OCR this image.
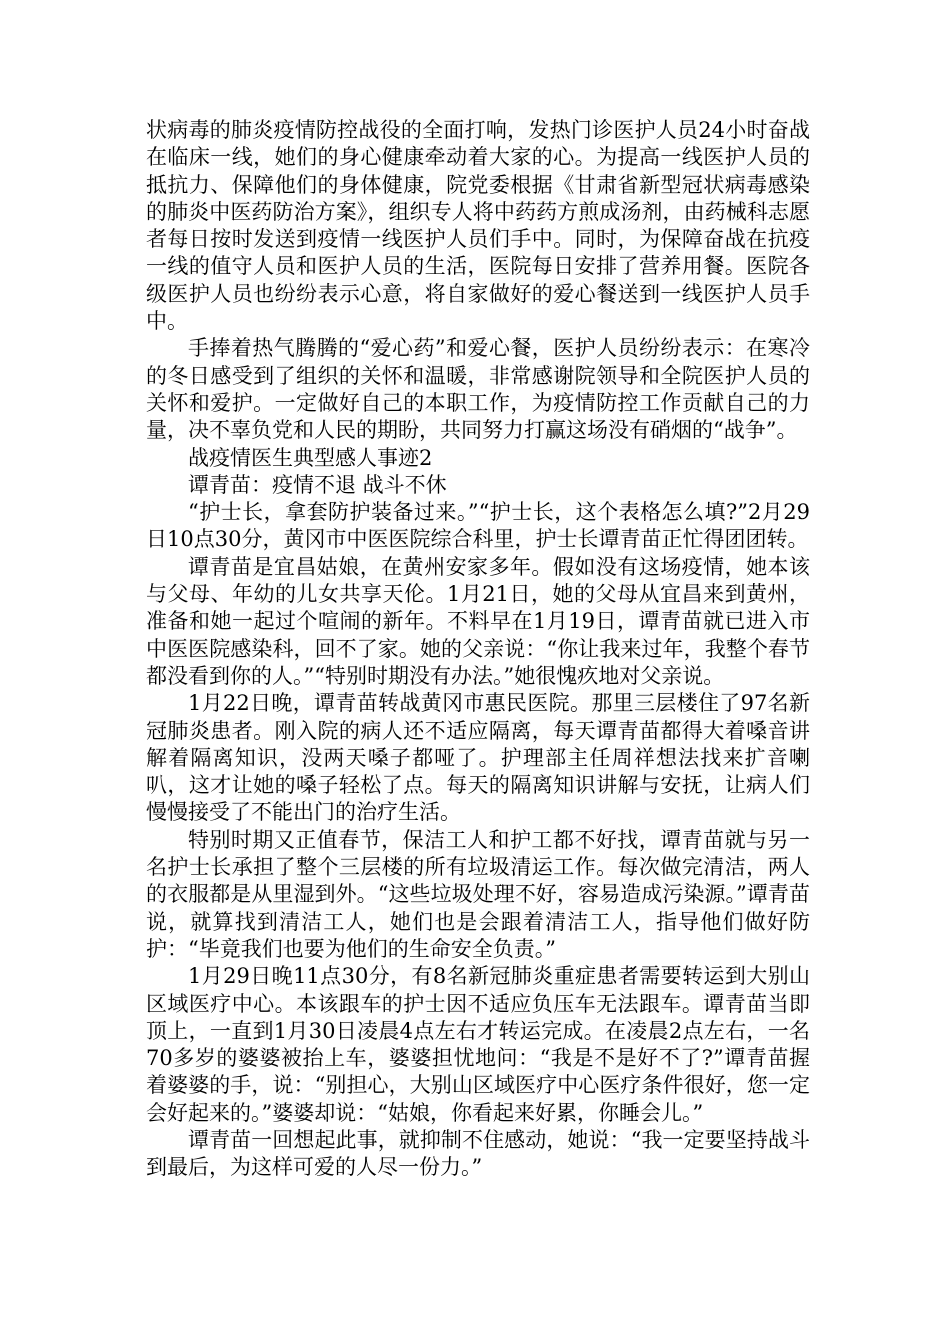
状病毒的肺炎疫情防控战役的全面打响，发热门诊医护人员24小时奋战在临床一线，她们的身心健康牵动着大家的心。为提高一线医护人员的抵抗力、保障他们的身体健康，院党委根据《甘肃省新型冠状病毒感染的肺炎中医药防治方案》，组织专人将中药药方煎成汤剂，由药械科志愿者每日按时发送到疫情一线医护人员们手中。同时，为保障奋战在抗疫一线的值守人员和医护人员的生活，医院每日安排了营养用餐。医院各级医护人员也纷纷表示心意，将自家做好的爱心餐送到一线医护人员手中。

手捧着热气腾腾的“爱心药”和爱心餐，医护人员纷纷表示：在寒冷的冬日感受到了组织的关怀和温暖，非常感谢院领导和全院医护人员的关怀和爱护。一定做好自己的本职工作，为疫情防控工作贡献自己的力量，决不辜负党和人民的期盼，共同努力打赢这场没有硝烟的“战争”。

战疫情医生典型感人事迹2

谭青苗：疫情不退 战斗不休

“护士长，拿套防护装备过来。”“护士长，这个表格怎么填?”2月29日10点30分，黄冈市中医医院综合科里，护士长谭青苗正忙得团团转。

谭青苗是宜昌姑娘，在黄州安家多年。假如没有这场疫情，她本该与父母、年幼的儿女共享天伦。1月21日，她的父母从宜昌来到黄州，准备和她一起过个喧闹的新年。不料早在1月19日，谭青苗就已进入市中医医院感染科，回不了家。她的父亲说：“你让我来过年，我整个春节都没看到你的人。”“特别时期没有办法。”她很愧疚地对父亲说。

1月22日晚，谭青苗转战黄冈市惠民医院。那里三层楼住了97名新冠肺炎患者。刚入院的病人还不适应隔离，每天谭青苗都得大着嗓音讲解着隔离知识，没两天嗓子都哑了。护理部主任周祥想法找来扩音喇叭，这才让她的嗓子轻松了点。每天的隔离知识讲解与安抚，让病人们慢慢接受了不能出门的治疗生活。

特别时期又正值春节，保洁工人和护工都不好找，谭青苗就与另一名护士长承担了整个三层楼的所有垃圾清运工作。每次做完清洁，两人的衣服都是从里湿到外。“这些垃圾处理不好，容易造成污染源。”谭青苗说，就算找到清洁工人，她们也是会跟着清洁工人，指导他们做好防护：“毕竟我们也要为他们的生命安全负责。”

1月29日晚11点30分，有8名新冠肺炎重症患者需要转运到大别山区域医疗中心。本该跟车的护士因不适应负压车无法跟车。谭青苗当即顶上，一直到1月30日凌晨4点左右才转运完成。在凌晨2点左右，一名70多岁的婆婆被抬上车，婆婆担忧地问：“我是不是好不了?”谭青苗握着婆婆的手，说：“别担心，大别山区域医疗中心医疗条件很好，您一定会好起来的。”婆婆却说：“姑娘，你看起来好累，你睡会儿。”

谭青苗一回想起此事，就抑制不住感动，她说：“我一定要坚持战斗到最后，为这样可爱的人尽一份力。”
